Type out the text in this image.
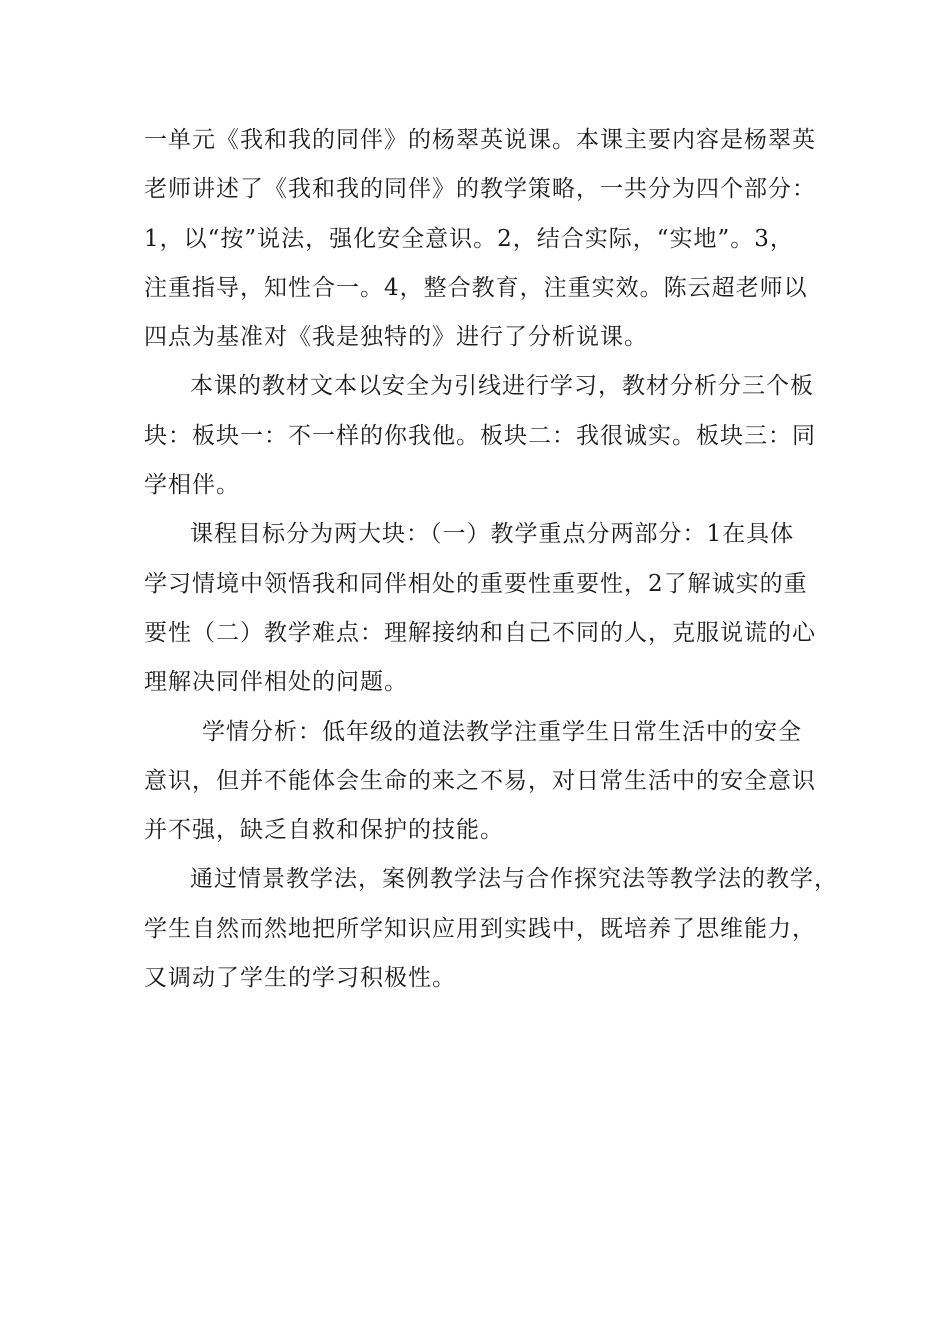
一单元《我和我的同伴》的杨翠英说课。本课主要内容是杨翠英
老师讲述了《我和我的同伴》的教学策略，一共分为四个部分：
1，以“按”说法，强化安全意识。2，结合实际，“实地”。3，
注重指导，知性合一。4，整合教育，注重实效。陈云超老师以
四点为基准对《我是独特的》进行了分析说课。

本课的教材文本以安全为引线进行学习，教材分析分三个板
块：板块一：不一样的你我他。板块二：我很诚实。板块三：同
学相伴。

课程目标分为两大块：（一）教学重点分两部分：1在具体
学习情境中领悟我和同伴相处的重要性重要性，2了解诚实的重
要性（二）教学难点：理解接纳和自己不同的人，克服说谎的心
理解决同伴相处的问题。

学情分析：低年级的道法教学注重学生日常生活中的安全
意识，但并不能体会生命的来之不易，对日常生活中的安全意识
并不强，缺乏自救和保护的技能。

通过情景教学法，案例教学法与合作探究法等教学法的教学，
学生自然而然地把所学知识应用到实践中，既培养了思维能力，
又调动了学生的学习积极性。
